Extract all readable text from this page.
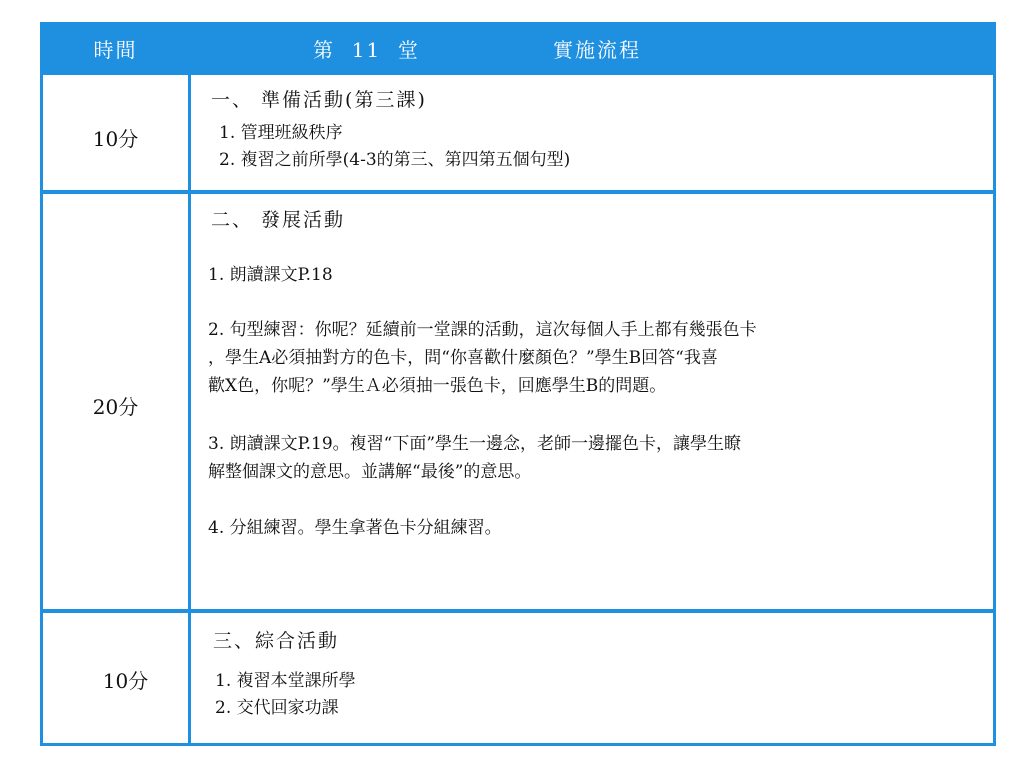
時間	第  11  堂	實施流程
10分
一、 準備活動(第三課)
1. 管理班級秩序
2. 複習之前所學(4-3的第三、第四第五個句型)
20分
二、 發展活動
1. 朗讀課文P.18
2. 句型練習：你呢？延續前一堂課的活動，這次每個人手上都有幾張色卡
，學生A必須抽對方的色卡，問“你喜歡什麼顏色？”學生B回答“我喜
歡X色，你呢？”學生Ａ必須抽一張色卡，回應學生B的問題。
3. 朗讀課文P.19。複習“下面”學生一邊念，老師一邊擺色卡，讓學生瞭
解整個課文的意思。並講解“最後”的意思。
4. 分組練習。學生拿著色卡分組練習。
10分
三、綜合活動
1. 複習本堂課所學
2. 交代回家功課
